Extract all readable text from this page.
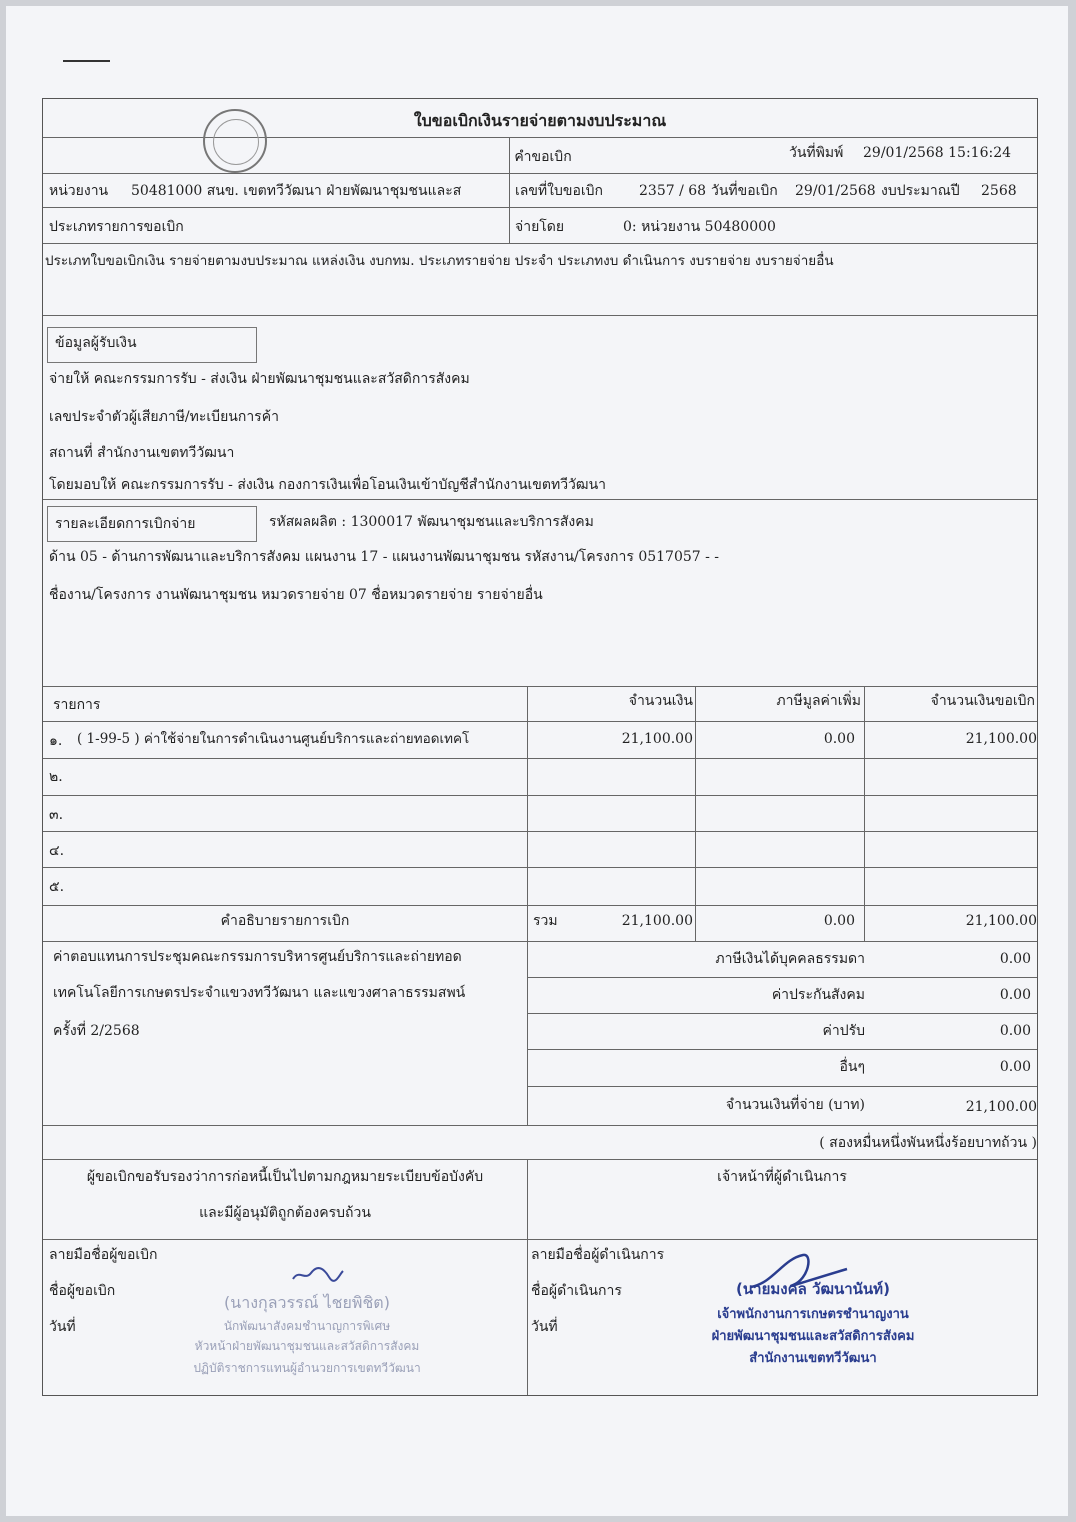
ใบขอเบิกเงินรายจ่ายตามงบประมาณ
คำขอเบิก	วันที่พิมพ์ 29/01/2568 15:16:24
หน่วยงาน 50481000 สนข. เขตทวีวัฒนา ฝ่ายพัฒนาชุมชนและส	เลขที่ใบขอเบิก	2357 / 68 วันที่ขอเบิก 29/01/2568 งบประมาณปี 2568
ประเภทรายการขอเบิก	จ่ายโดย	0: หน่วยงาน 50480000
ประเภทใบขอเบิกเงิน รายจ่ายตามงบประมาณ แหล่งเงิน งบกทม. ประเภทรายจ่าย ประจำ ประเภทงบ ดำเนินการ งบรายจ่าย งบรายจ่ายอื่น
ข้อมูลผู้รับเงิน
จ่ายให้ คณะกรรมการรับ - ส่งเงิน ฝ่ายพัฒนาชุมชนและสวัสดิการสังคม
เลขประจำตัวผู้เสียภาษี/ทะเบียนการค้า
สถานที่ สำนักงานเขตทวีวัฒนา
โดยมอบให้ คณะกรรมการรับ - ส่งเงิน กองการเงินเพื่อโอนเงินเข้าบัญชีสำนักงานเขตทวีวัฒนา
รายละเอียดการเบิกจ่าย	รหัสผลผลิต : 1300017 พัฒนาชุมชนและบริการสังคม
ด้าน 05 - ด้านการพัฒนาและบริการสังคม แผนงาน 17 - แผนงานพัฒนาชุมชน รหัสงาน/โครงการ 0517057 - -
ชื่องาน/โครงการ งานพัฒนาชุมชน หมวดรายจ่าย 07 ชื่อหมวดรายจ่าย รายจ่ายอื่น
รายการ	จำนวนเงิน	ภาษีมูลค่าเพิ่ม	จำนวนเงินขอเบิก
๑. ( 1-99-5 ) ค่าใช้จ่ายในการดำเนินงานศูนย์บริการและถ่ายทอดเทคโ	21,100.00	0.00	21,100.00
๒.
๓.
๔.
๕.
คำอธิบายรายการเบิก	รวม	21,100.00	0.00	21,100.00
ค่าตอบแทนการประชุมคณะกรรมการบริหารศูนย์บริการและถ่ายทอด
เทคโนโลยีการเกษตรประจำแขวงทวีวัฒนา และแขวงศาลาธรรมสพน์
ครั้งที่ 2/2568
ภาษีเงินได้บุคคลธรรมดา	0.00
ค่าประกันสังคม	0.00
ค่าปรับ	0.00
อื่นๆ	0.00
จำนวนเงินที่จ่าย (บาท)	21,100.00
( สองหมื่นหนึ่งพันหนึ่งร้อยบาทถ้วน )
ผู้ขอเบิกขอรับรองว่าการก่อหนี้เป็นไปตามกฎหมายระเบียบข้อบังคับ
และมีผู้อนุมัติถูกต้องครบถ้วน
เจ้าหน้าที่ผู้ดำเนินการ
ลายมือชื่อผู้ขอเบิก
ชื่อผู้ขอเบิก
วันที่
(นางกุลวรรณ์ ไชยพิชิต)
นักพัฒนาสังคมชำนาญการพิเศษ
หัวหน้าฝ่ายพัฒนาชุมชนและสวัสดิการสังคม
ปฏิบัติราชการแทนผู้อำนวยการเขตทวีวัฒนา
ลายมือชื่อผู้ดำเนินการ
ชื่อผู้ดำเนินการ
วันที่
(นายมงคล วัฒนานันท์)
เจ้าพนักงานการเกษตรชำนาญงาน
ฝ่ายพัฒนาชุมชนและสวัสดิการสังคม
สำนักงานเขตทวีวัฒนา
